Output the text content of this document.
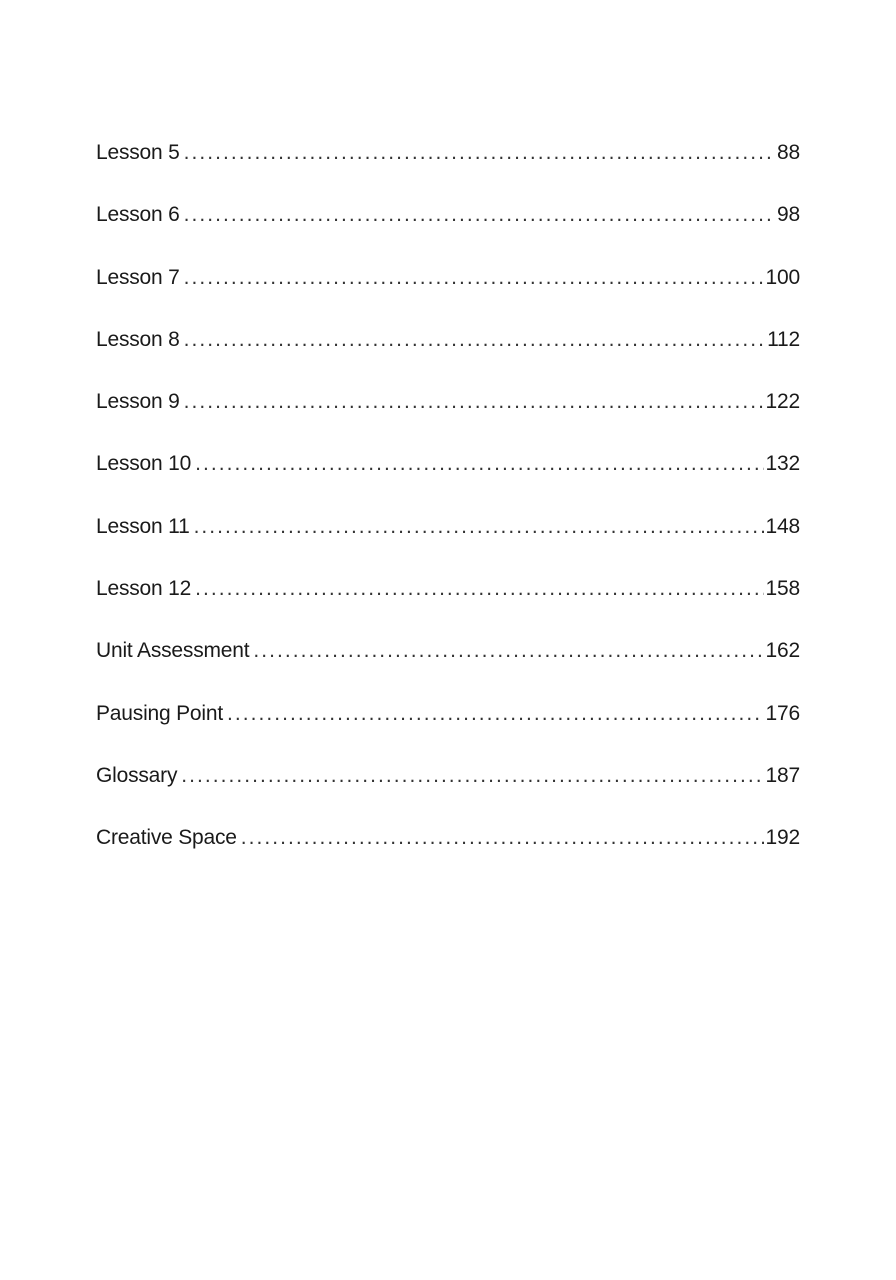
Lesson 5 . . .	88
Lesson 6 . . .	98
Lesson 7 . . .	100
Lesson 8 . . .	112
Lesson 9 . . .	122
Lesson 10 . . .	132
Lesson 11 . . .	148
Lesson 12 . . .	158
Unit Assessment . . .	162
Pausing Point . . .	176
Glossary . . .	187
Creative Space . . .	192
